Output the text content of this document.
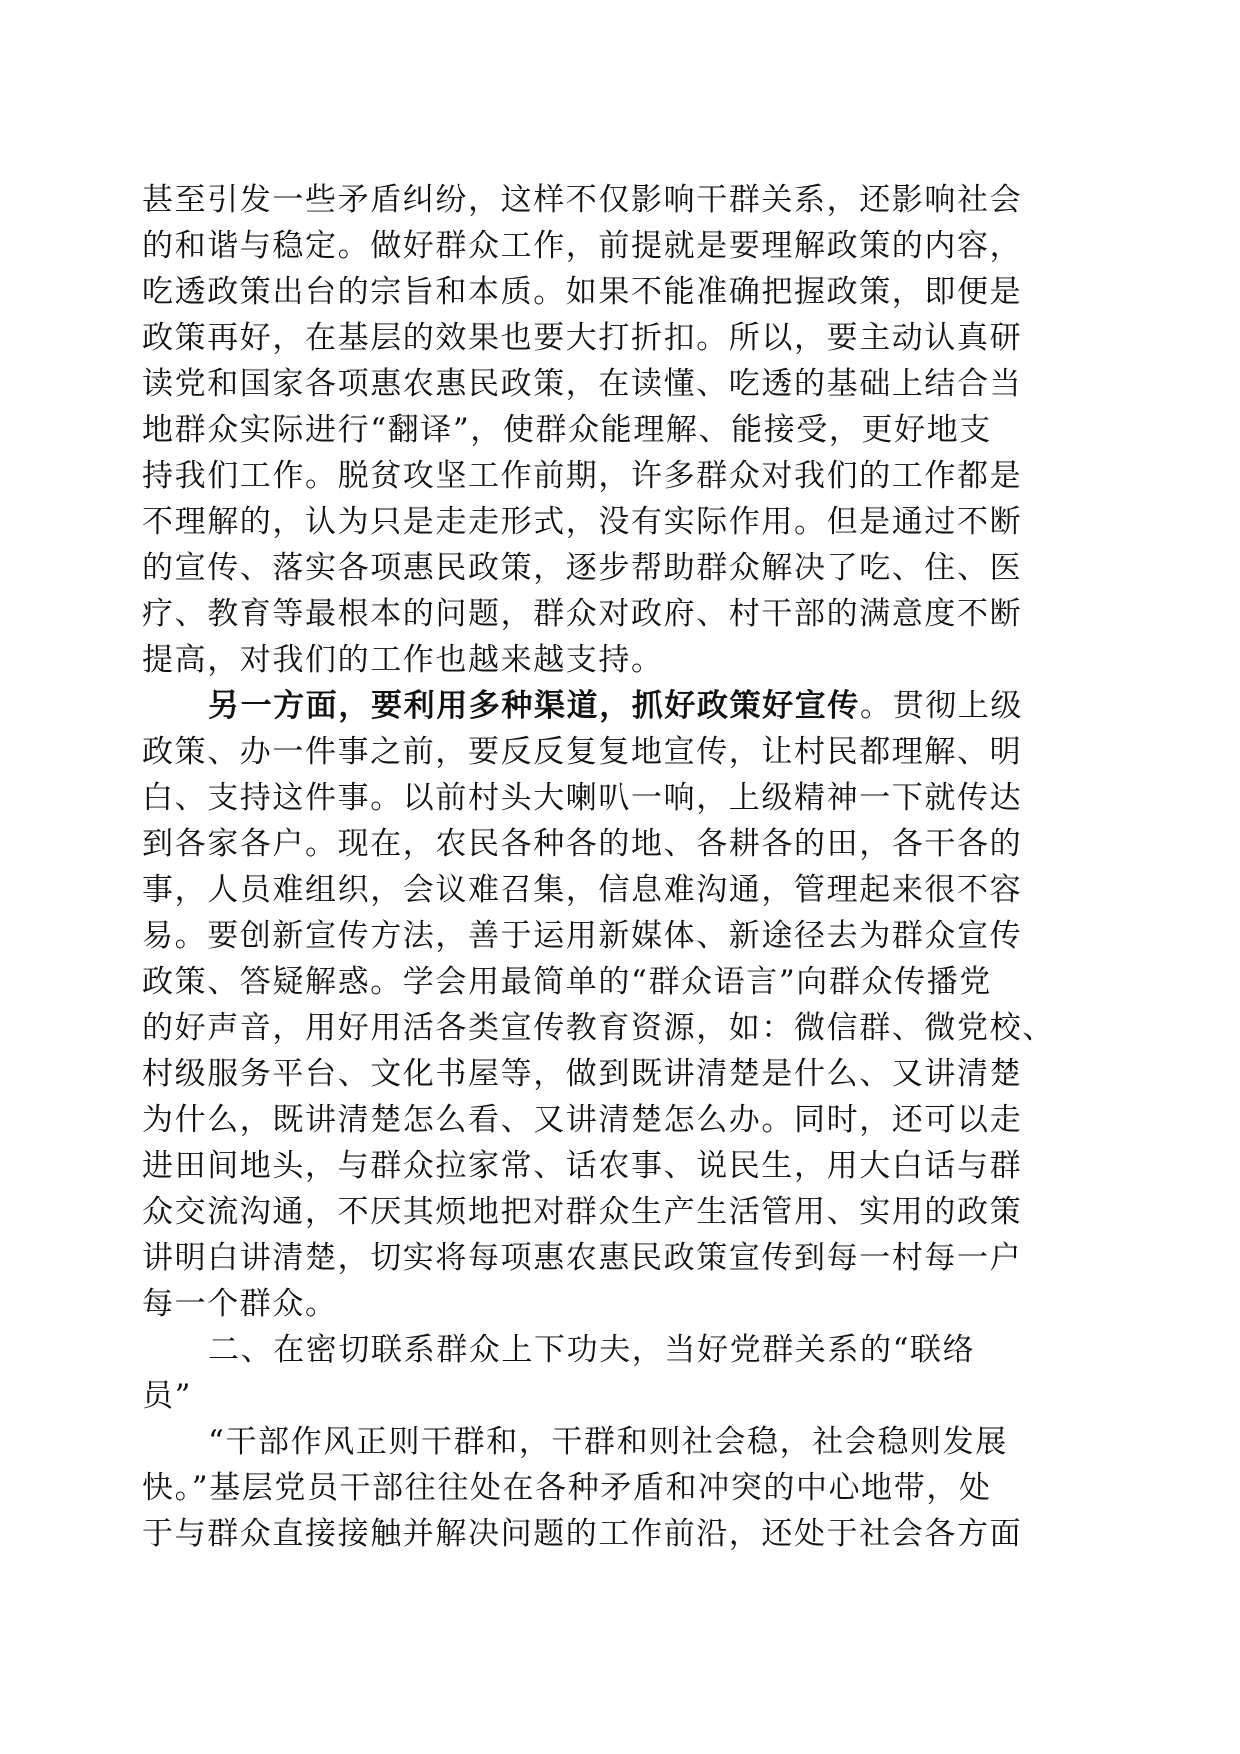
甚至引发一些矛盾纠纷，这样不仅影响干群关系，还影响社会
的和谐与稳定。做好群众工作，前提就是要理解政策的内容，
吃透政策出台的宗旨和本质。如果不能准确把握政策，即便是
政策再好，在基层的效果也要大打折扣。所以，要主动认真研
读党和国家各项惠农惠民政策，在读懂、吃透的基础上结合当
地群众实际进行“翻译”，使群众能理解、能接受，更好地支
持我们工作。脱贫攻坚工作前期，许多群众对我们的工作都是
不理解的，认为只是走走形式，没有实际作用。但是通过不断
的宣传、落实各项惠民政策，逐步帮助群众解决了吃、住、医
疗、教育等最根本的问题，群众对政府、村干部的满意度不断
提高，对我们的工作也越来越支持。
另一方面，要利用多种渠道，抓好政策好宣传。贯彻上级
政策、办一件事之前，要反反复复地宣传，让村民都理解、明
白、支持这件事。以前村头大喇叭一响，上级精神一下就传达
到各家各户。现在，农民各种各的地、各耕各的田，各干各的
事，人员难组织，会议难召集，信息难沟通，管理起来很不容
易。要创新宣传方法，善于运用新媒体、新途径去为群众宣传
政策、答疑解惑。学会用最简单的“群众语言”向群众传播党
的好声音，用好用活各类宣传教育资源，如：微信群、微党校、
村级服务平台、文化书屋等，做到既讲清楚是什么、又讲清楚
为什么，既讲清楚怎么看、又讲清楚怎么办。同时，还可以走
进田间地头，与群众拉家常、话农事、说民生，用大白话与群
众交流沟通，不厌其烦地把对群众生产生活管用、实用的政策
讲明白讲清楚，切实将每项惠农惠民政策宣传到每一村每一户
每一个群众。
二、在密切联系群众上下功夫，当好党群关系的“联络
员”
“干部作风正则干群和，干群和则社会稳，社会稳则发展
快。”基层党员干部往往处在各种矛盾和冲突的中心地带，处
于与群众直接接触并解决问题的工作前沿，还处于社会各方面
